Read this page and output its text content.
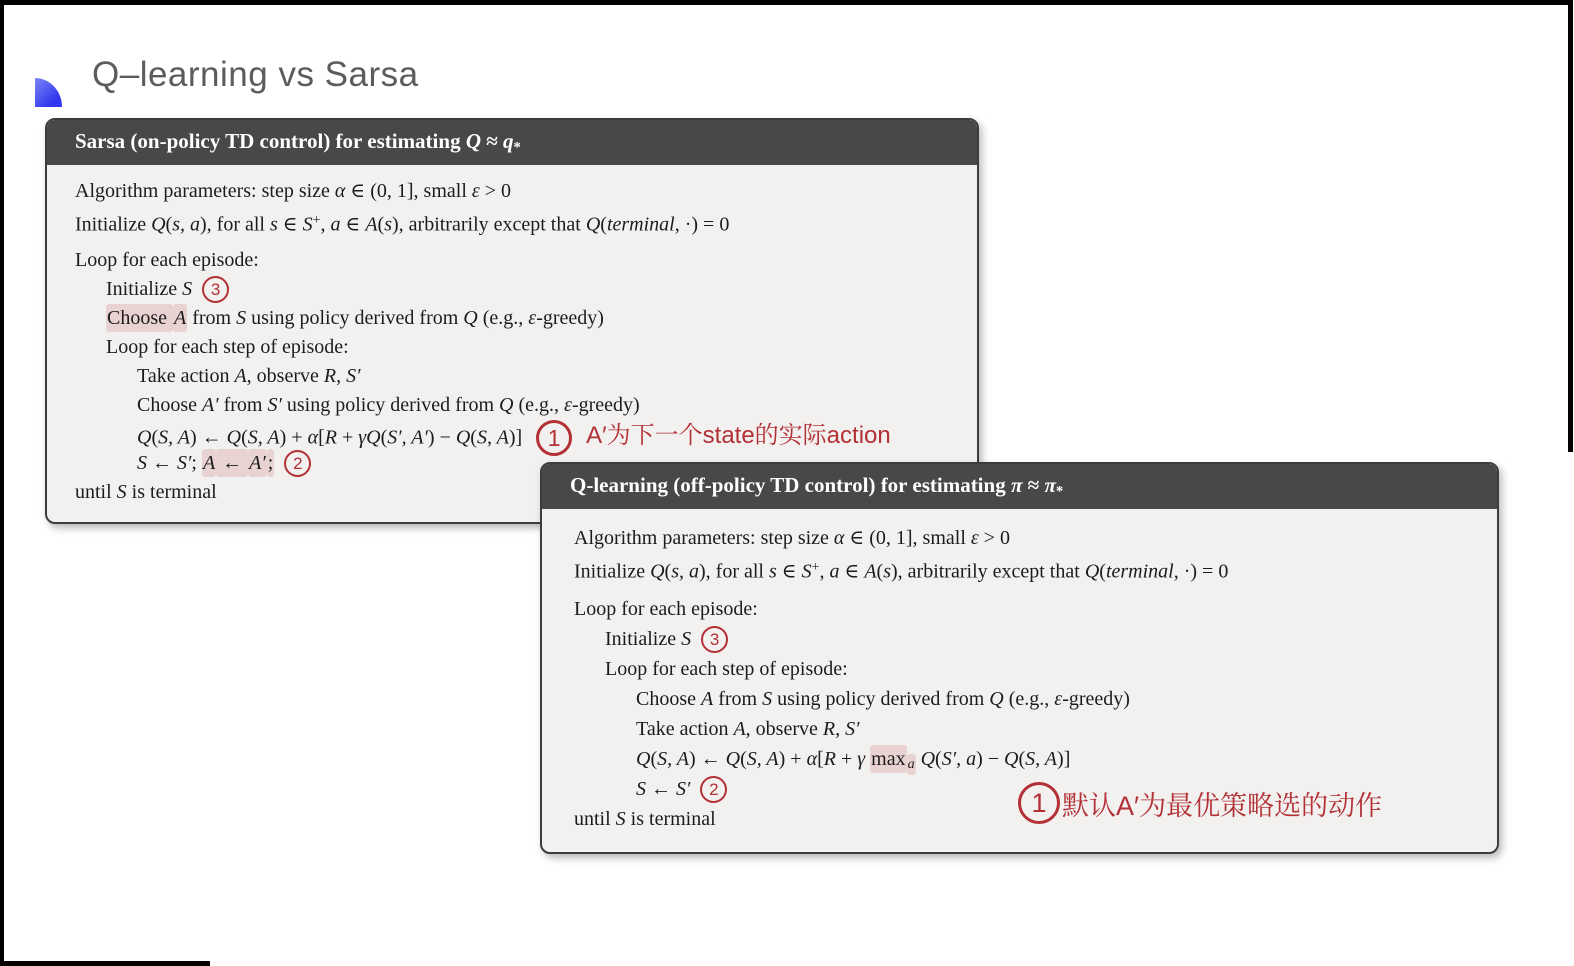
Q–learning vs Sarsa
Sarsa (on-policy TD control) for estimating $Q \approx q_*$
Algorithm parameters: step size α ∈ (0, 1], small ε > 0
Initialize Q(s, a), for all s ∈ S+, a ∈ A(s), arbitrarily except that Q(terminal, ·) = 0
Loop for each episode:
Initialize S 3
Choose A from S using policy derived from Q (e.g., ε-greedy)
Loop for each step of episode:
Take action A, observe R, S′
Choose A′ from S′ using policy derived from Q (e.g., ε-greedy)
Q(S, A) ← Q(S, A) + α[R + γQ(S′, A′) − Q(S, A)] 1 A′为下一个state的实际action
S ← S′; A ← A′ ; 2
until S is terminal	Q-learning (off-policy TD control) for estimating $\pi \approx \pi_*$
Algorithm parameters: step size α ∈ (0, 1], small ε > 0
Initialize Q(s, a), for all s ∈ S+, a ∈ A(s), arbitrarily except that Q(terminal, ·) = 0
Loop for each episode:
Initialize S 3
Loop for each step of episode:
Choose A from S using policy derived from Q (e.g., ε-greedy)
Take action A, observe R, S′
Q(S, A) ← Q(S, A) + α[R + γ max $_a$ Q(S′, a) − Q(S, A)]
S ← S′ 2
until S is terminal
1 默认A′为最优策略选的动作
